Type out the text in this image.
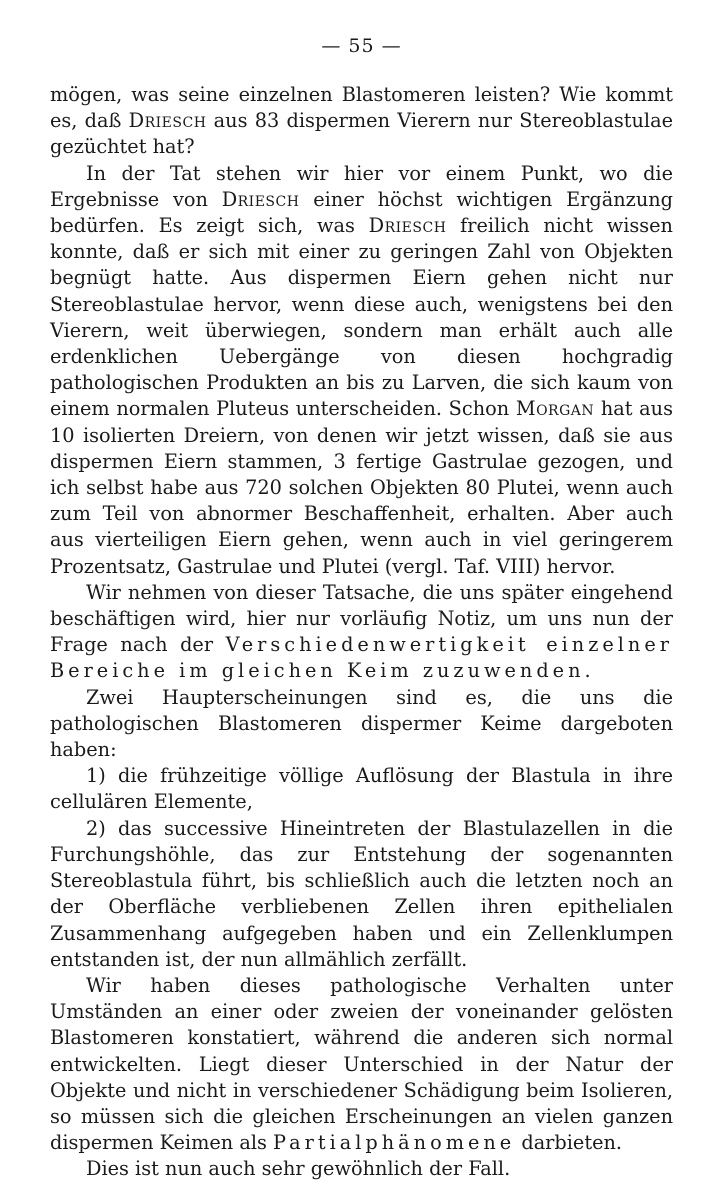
— 55 —

mögen, was seine einzelnen Blastomeren leisten? Wie kommt es, daß Driesch aus 83 dispermen Vierern nur Stereoblastulae gezüchtet hat?

In der Tat stehen wir hier vor einem Punkt, wo die Ergebnisse von Driesch einer höchst wichtigen Ergänzung bedürfen. Es zeigt sich, was Driesch freilich nicht wissen konnte, daß er sich mit einer zu geringen Zahl von Objekten begnügt hatte. Aus dispermen Eiern gehen nicht nur Stereoblastulae hervor, wenn diese auch, wenigstens bei den Vierern, weit überwiegen, sondern man erhält auch alle erdenklichen Uebergänge von diesen hochgradig pathologischen Produkten an bis zu Larven, die sich kaum von einem normalen Pluteus unterscheiden. Schon Morgan hat aus 10 isolierten Dreiern, von denen wir jetzt wissen, daß sie aus dispermen Eiern stammen, 3 fertige Gastrulae gezogen, und ich selbst habe aus 720 solchen Objekten 80 Plutei, wenn auch zum Teil von abnormer Beschaffenheit, erhalten. Aber auch aus vierteiligen Eiern gehen, wenn auch in viel geringerem Prozentsatz, Gastrulae und Plutei (vergl. Taf. VIII) hervor.

Wir nehmen von dieser Tatsache, die uns später eingehend beschäftigen wird, hier nur vorläufig Notiz, um uns nun der Frage nach der Verschiedenwertigkeit einzelner Bereiche im gleichen Keim zuzuwenden.

Zwei Haupterscheinungen sind es, die uns die pathologischen Blastomeren dispermer Keime dargeboten haben:

1) die frühzeitige völlige Auflösung der Blastula in ihre cellulären Elemente,

2) das successive Hineintreten der Blastulazellen in die Furchungshöhle, das zur Entstehung der sogenannten Stereoblastula führt, bis schließlich auch die letzten noch an der Oberfläche verbliebenen Zellen ihren epithelialen Zusammenhang aufgegeben haben und ein Zellenklumpen entstanden ist, der nun allmählich zerfällt.

Wir haben dieses pathologische Verhalten unter Umständen an einer oder zweien der voneinander gelösten Blastomeren konstatiert, während die anderen sich normal entwickelten. Liegt dieser Unterschied in der Natur der Objekte und nicht in verschiedener Schädigung beim Isolieren, so müssen sich die gleichen Erscheinungen an vielen ganzen dispermen Keimen als Partialphänomene darbieten.

Dies ist nun auch sehr gewöhnlich der Fall.
